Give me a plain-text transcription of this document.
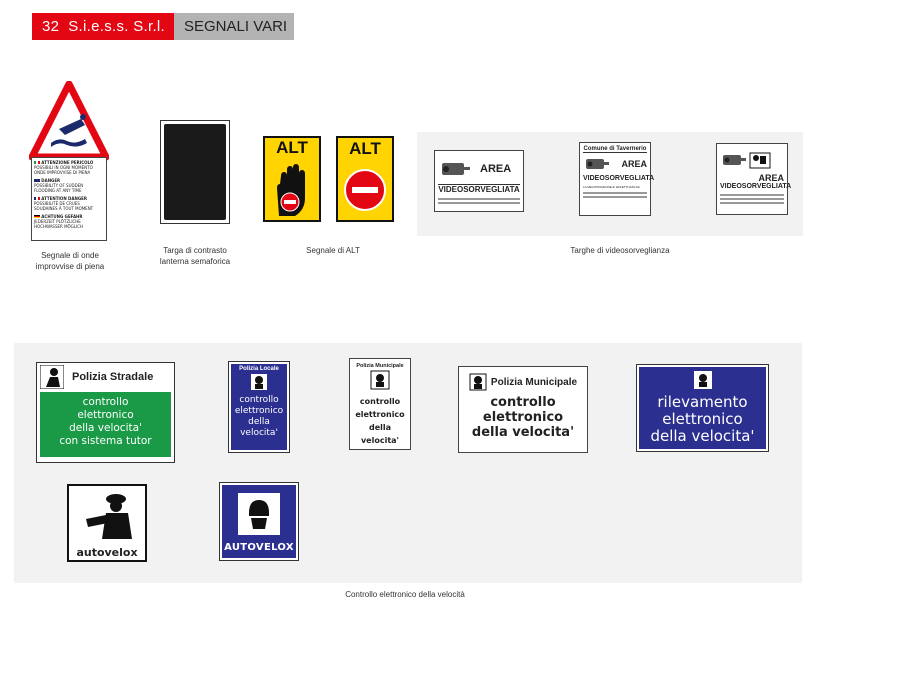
32 S.i.e.s.s. S.r.l.	SEGNALI VARI
ATTENZIONE PERICOLO
POSSIBILI IN OGNI MOMENTO ONDE IMPROVVISE DI PIENA
DANGER
POSSIBILITY OF SUDDEN FLOODING AT ANY TIME
ATTENTION DANGER
POSSIBILITÉ DE CRUES SOUDAINES À TOUT MOMENT
ACHTUNG GEFAHR
JEDERZEIT PLÖTZLICHE HOCHWASSER MÖGLICH
Segnale di onde
improvvise di piena
Targa di contrasto
lanterna semaforica
ALT	ALT
Segnale di ALT
AREA
VIDEOSORVEGLIATA
Comune di Tavernerio
AREA
VIDEOSORVEGLIATA
LA REGISTRAZIONE E' EFFETTUATA DA
AREA
VIDEOSORVEGLIATA
Targhe di videosorveglianza
Polizia Stradale
controllo
elettronico
della velocita'
con sistema tutor
Polizia Locale
controllo
elettronico
della
velocita'
Polizia Municipale
controllo
elettronico
della velocita'
Polizia Municipale
controllo
elettronico
della velocita'
rilevamento
elettronico
della velocita'
autovelox	AUTOVELOX
Controllo elettronico della velocità
